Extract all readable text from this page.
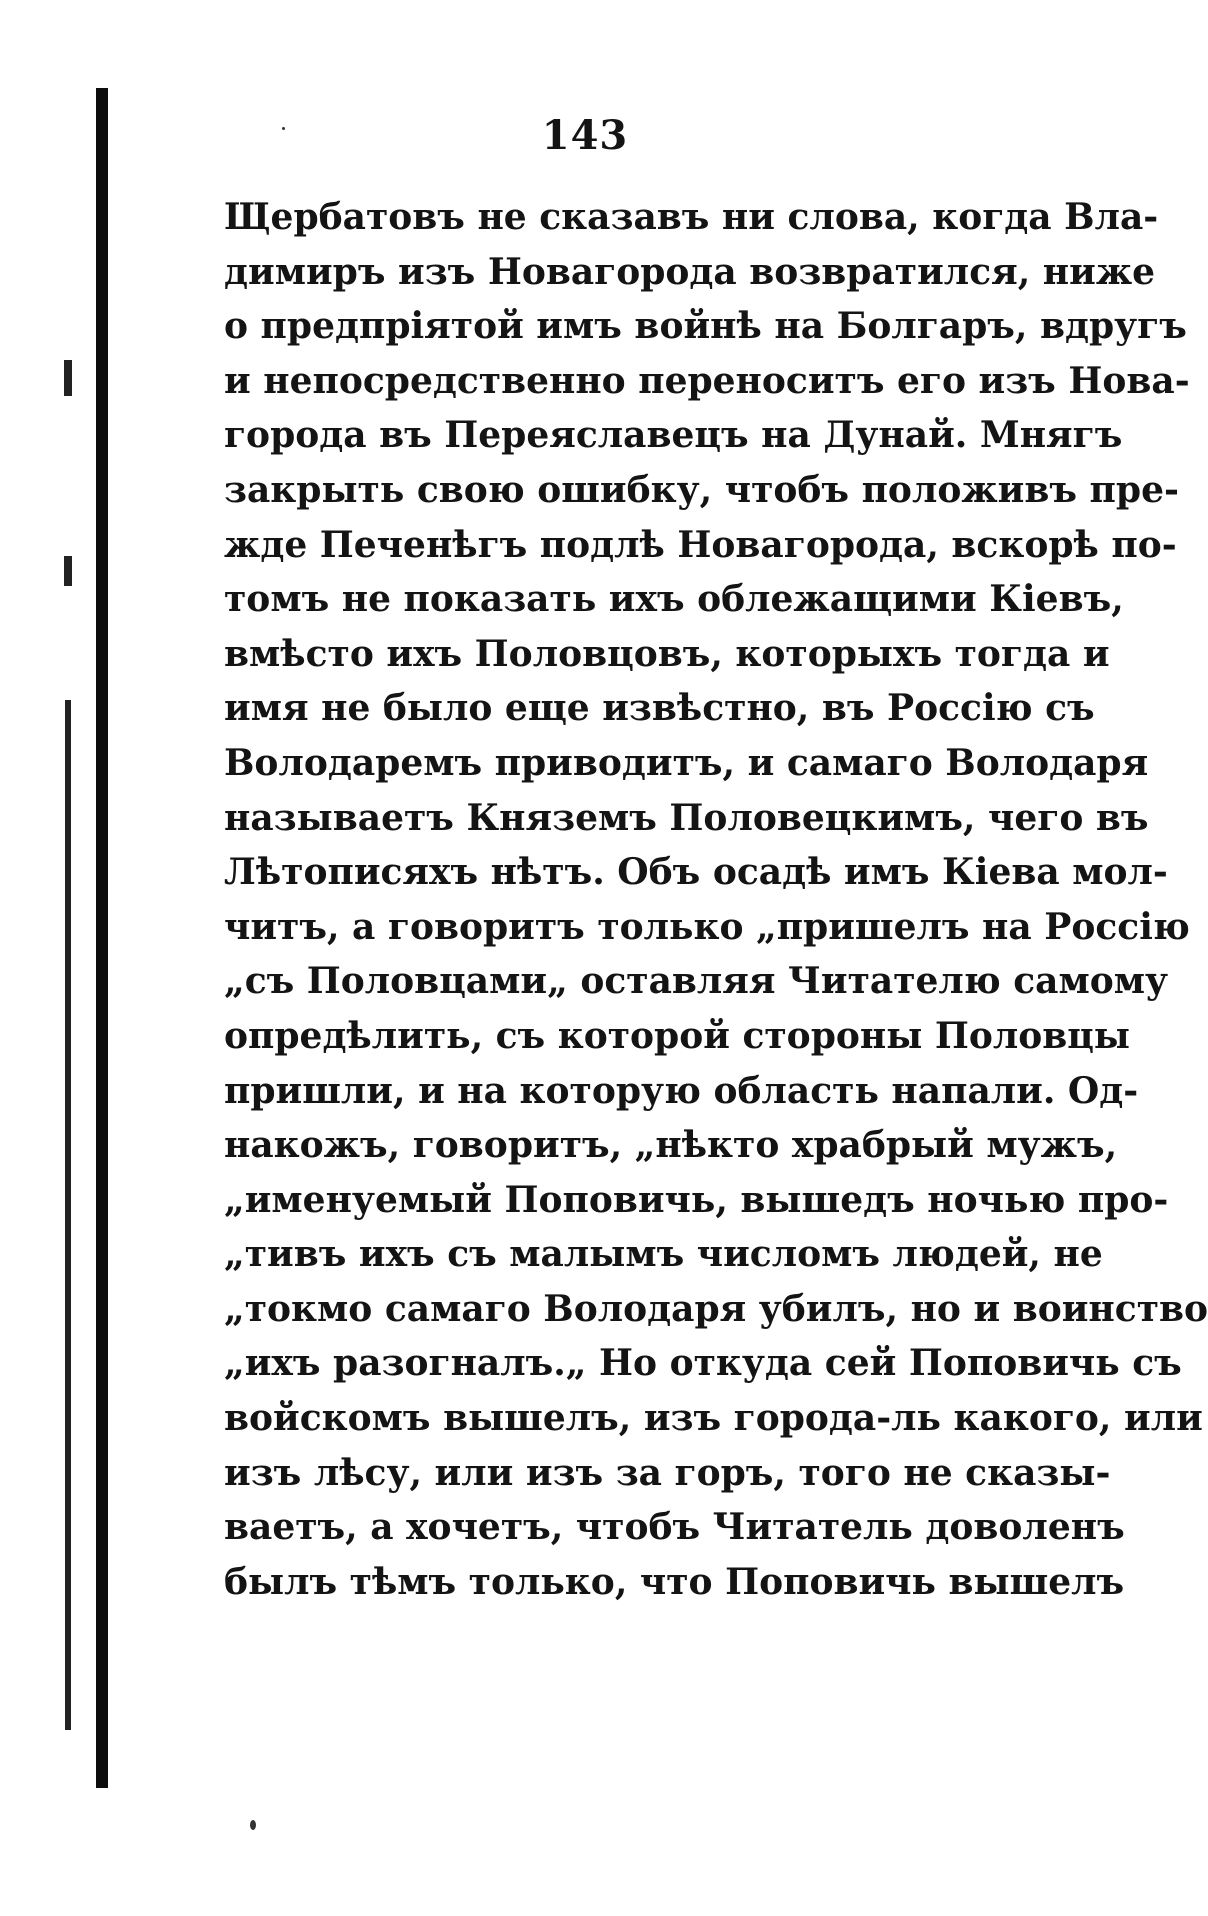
143
Щербатовъ не сказавъ ни слова, когда Вла-
димиръ изъ Новагорода возвратился, ниже
о предпріятой имъ войнѣ на Болгаръ, вдругъ
и непосредственно переноситъ его изъ Нова-
города въ Переяславецъ на Дунай. Мнягъ
закрыть свою ошибку, чтобъ положивъ пре-
жде Печенѣгъ подлѣ Новагорода, вскорѣ по-
томъ не показать ихъ облежащими Кіевъ,
вмѣсто ихъ Половцовъ, которыхъ тогда и
имя не было еще извѣстно, въ Россію съ
Володаремъ приводитъ, и самаго Володаря
называетъ Княземъ Половецкимъ, чего въ
Лѣтописяхъ нѣтъ. Объ осадѣ имъ Кіева мол-
читъ, а говоритъ только „пришелъ на Россію
„съ Половцами„ оставляя Читателю самому
опредѣлить, съ которой стороны Половцы
пришли, и на которую область напали. Од-
накожъ, говоритъ, „нѣкто храбрый мужъ,
„именуемый Поповичь, вышедъ ночью про-
„тивъ ихъ съ малымъ числомъ людей, не
„токмо самаго Володаря убилъ, но и воинство
„ихъ разогналъ.„ Но откуда сей Поповичь съ
войскомъ вышелъ, изъ города-ль какого, или
изъ лѣсу, или изъ за горъ, того не сказы-
ваетъ, а хочетъ, чтобъ Читатель доволенъ
былъ тѣмъ только, что Поповичь вышелъ
